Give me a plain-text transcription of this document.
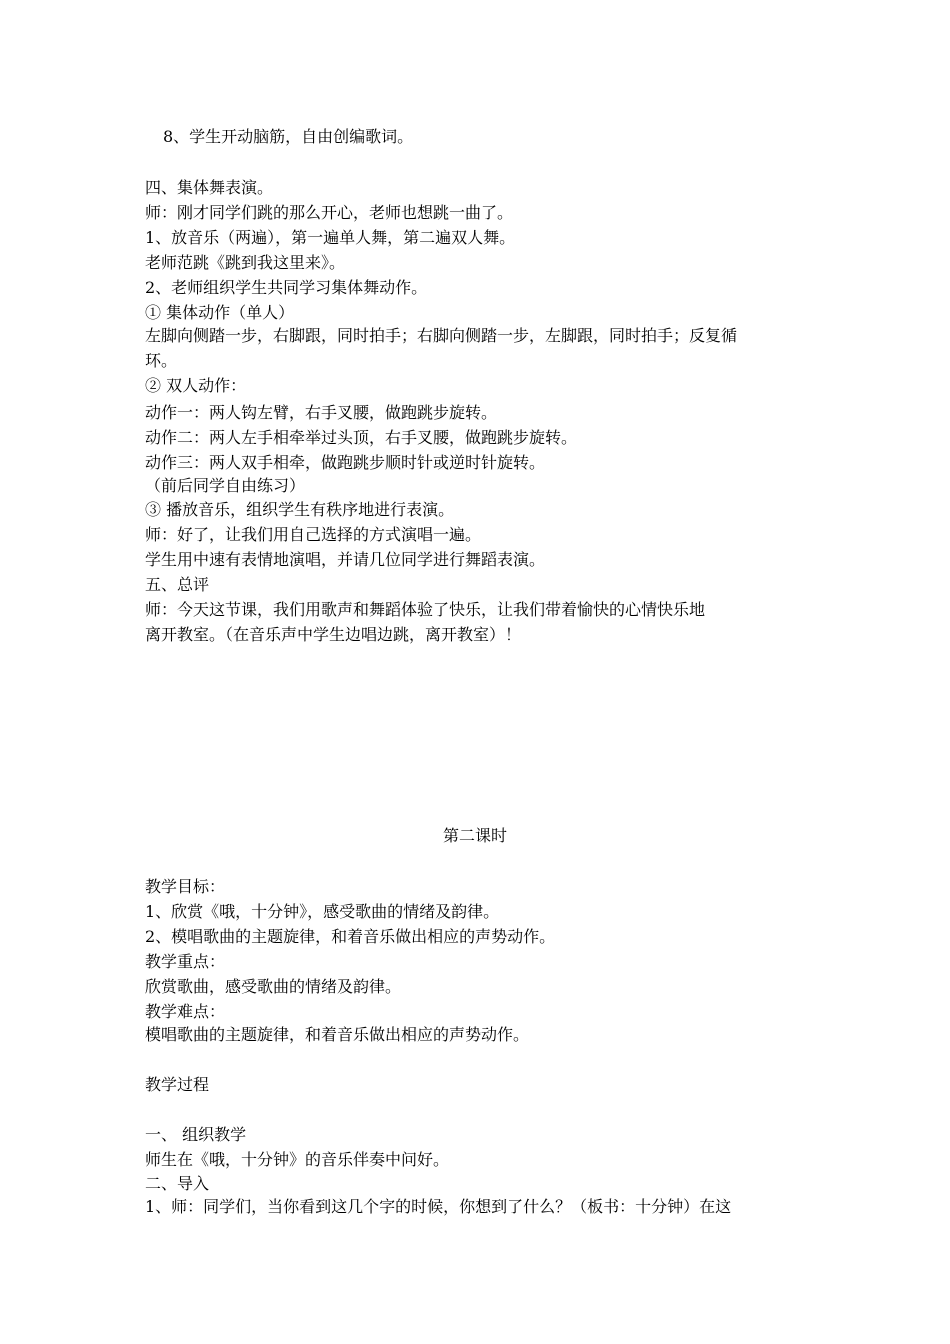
8、学生开动脑筋，自由创编歌词。
四、集体舞表演。
师：刚才同学们跳的那么开心，老师也想跳一曲了。
1、放音乐（两遍），第一遍单人舞，第二遍双人舞。
老师范跳《跳到我这里来》。
2、老师组织学生共同学习集体舞动作。
① 集体动作（单人）
左脚向侧踏一步，右脚跟，同时拍手；右脚向侧踏一步，左脚跟，同时拍手；反复循
环。
② 双人动作：
动作一：两人钩左臂，右手叉腰，做跑跳步旋转。
动作二：两人左手相牵举过头顶，右手叉腰，做跑跳步旋转。
动作三：两人双手相牵，做跑跳步顺时针或逆时针旋转。
（前后同学自由练习）
③ 播放音乐，组织学生有秩序地进行表演。
师：好了，让我们用自己选择的方式演唱一遍。
学生用中速有表情地演唱，并请几位同学进行舞蹈表演。
五、总评
师：今天这节课，我们用歌声和舞蹈体验了快乐，让我们带着愉快的心情快乐地
离开教室。（在音乐声中学生边唱边跳，离开教室）！
第二课时
教学目标：
1、欣赏《哦，十分钟》，感受歌曲的情绪及韵律。
2、模唱歌曲的主题旋律，和着音乐做出相应的声势动作。
教学重点：
欣赏歌曲，感受歌曲的情绪及韵律。
教学难点：
模唱歌曲的主题旋律，和着音乐做出相应的声势动作。
教学过程
一、 组织教学
师生在《哦，十分钟》的音乐伴奏中问好。
二、导入
1、师：同学们，当你看到这几个字的时候，你想到了什么？（板书：十分钟）在这
